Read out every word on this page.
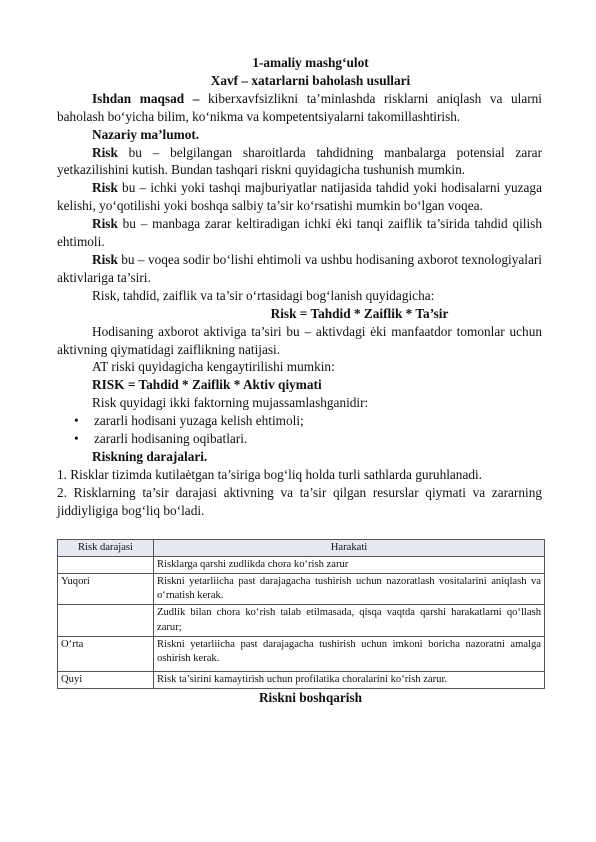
1-amaliy mashg‘ulot
Xavf – xatarlarni baholash usullari

Ishdan maqsad – kiberxavfsizlikni ta’minlashda risklarni aniqlash va ularni baholash bo‘yicha bilim, ko‘nikma va kompetentsiyalarni takomillashtirish.

Nazariy ma’lumot.

Risk bu – belgilangan sharoitlarda tahdidning manbalarga potensial zarar yetkazilishini kutish. Bundan tashqari riskni quyidagicha tushunish mumkin.

Risk bu – ichki yoki tashqi majburiyatlar natijasida tahdid yoki hodisalarni yuzaga kelishi, yo‘qotilishi yoki boshqa salbiy ta’sir ko‘rsatishi mumkin bo‘lgan voqea.

Risk bu – manbaga zarar keltiradigan ichki ėki tanqi zaiflik ta’sirida tahdid qilish ehtimoli.

Risk bu – voqea sodir bo‘lishi ehtimoli va ushbu hodisaning axborot texnologiyalari aktivlariga ta’siri.

Risk, tahdid, zaiflik va ta’sir o‘rtasidagi bog‘lanish quyidagicha:
Risk = Tahdid * Zaiflik * Ta’sir

Hodisaning axborot aktiviga ta’siri bu – aktivdagi ėki manfaatdor tomonlar uchun aktivning qiymatidagi zaiflikning natijasi.

AT riski quyidagicha kengaytirilishi mumkin:
RISK = Tahdid * Zaiflik * Aktiv qiymati
Risk quyidagi ikki faktorning mujassamlashganidir:
• zararli hodisani yuzaga kelish ehtimoli;
• zararli hodisaning oqibatlari.
Riskning darajalari.

1. Risklar tizimda kutilaėtgan ta’siriga bog‘liq holda turli sathlarda guruhlanadi.

2. Risklarning ta’sir darajasi aktivning va ta’sir qilgan resurslar qiymati va zararning jiddiyligiga bog‘liq bo‘ladi.

Risk darajasi	Harakati
	Risklarga qarshi zudlikda chora ko‘rish zarur
Yuqori	Riskni yetarliicha past darajagacha tushirish uchun nazoratlash vositalarini aniqlash va o‘rnatish kerak.
	Zudlik bilan chora ko‘rish talab etilmasada, qisqa vaqtda qarshi harakatlarni qo‘llash zarur;
O‘rta	Riskni yetarliicha past darajagacha tushirish uchun imkoni boricha nazoratni amalga oshirish kerak.
Quyi	Risk ta’sirini kamaytirish uchun profilatika choralarini ko‘rish zarur.
Riskni boshqarish
